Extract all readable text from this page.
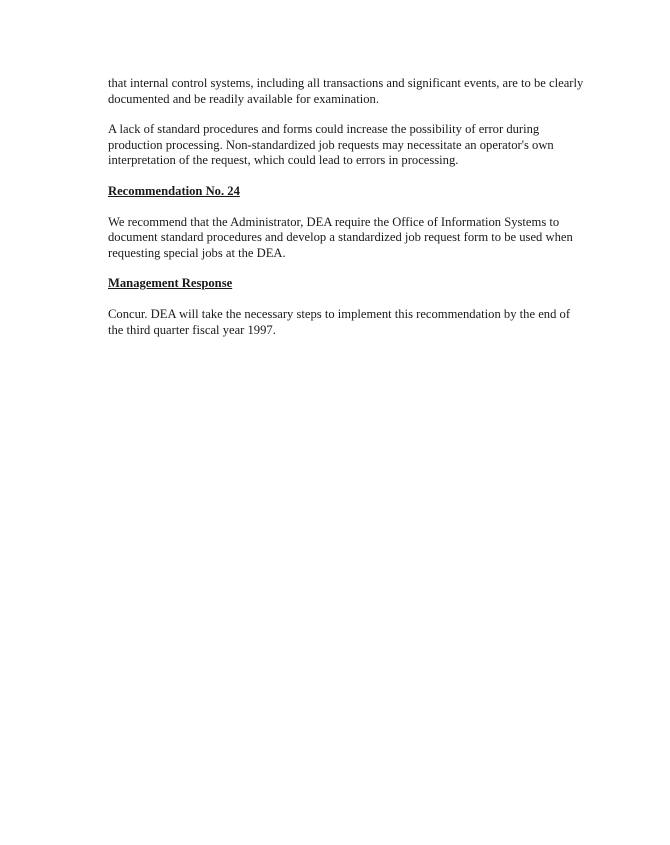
that internal control systems, including all transactions and significant events, are to be clearly documented and be readily available for examination.

A lack of standard procedures and forms could increase the possibility of error during production processing. Non-standardized job requests may necessitate an operator's own interpretation of the request, which could lead to errors in processing.

Recommendation No. 24

We recommend that the Administrator, DEA require the Office of Information Systems to document standard procedures and develop a standardized job request form to be used when requesting special jobs at the DEA.

Management Response

Concur. DEA will take the necessary steps to implement this recommendation by the end of the third quarter fiscal year 1997.
